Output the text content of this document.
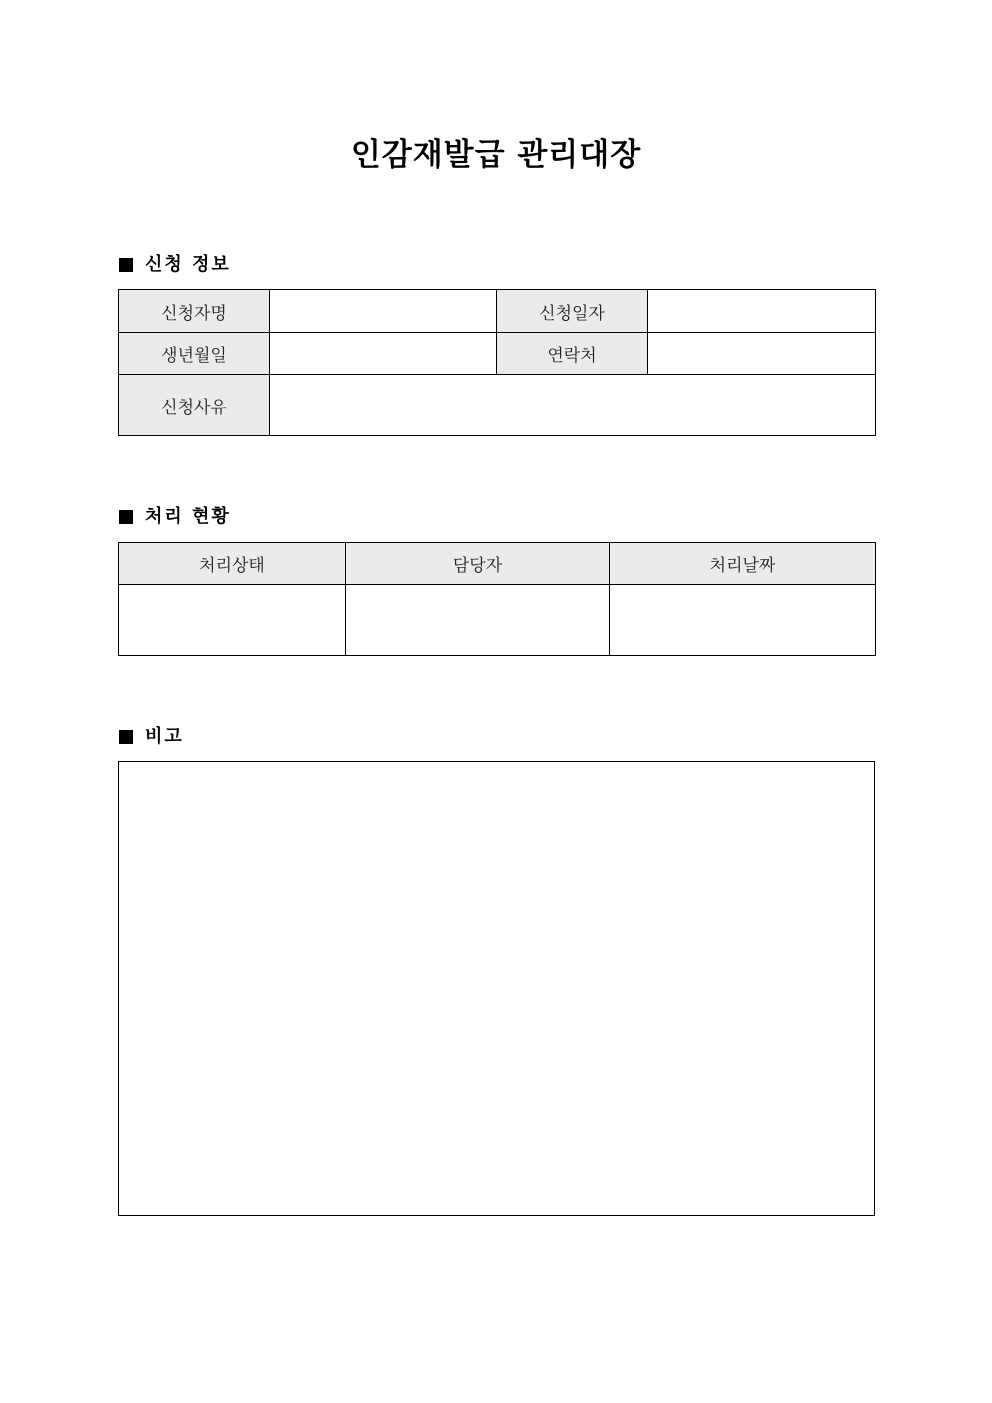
인감재발급 관리대장
신청 정보
신청자명		신청일자	
생년월일		연락처	
신청사유			
처리 현황
처리상태	담당자	처리날짜

비고
